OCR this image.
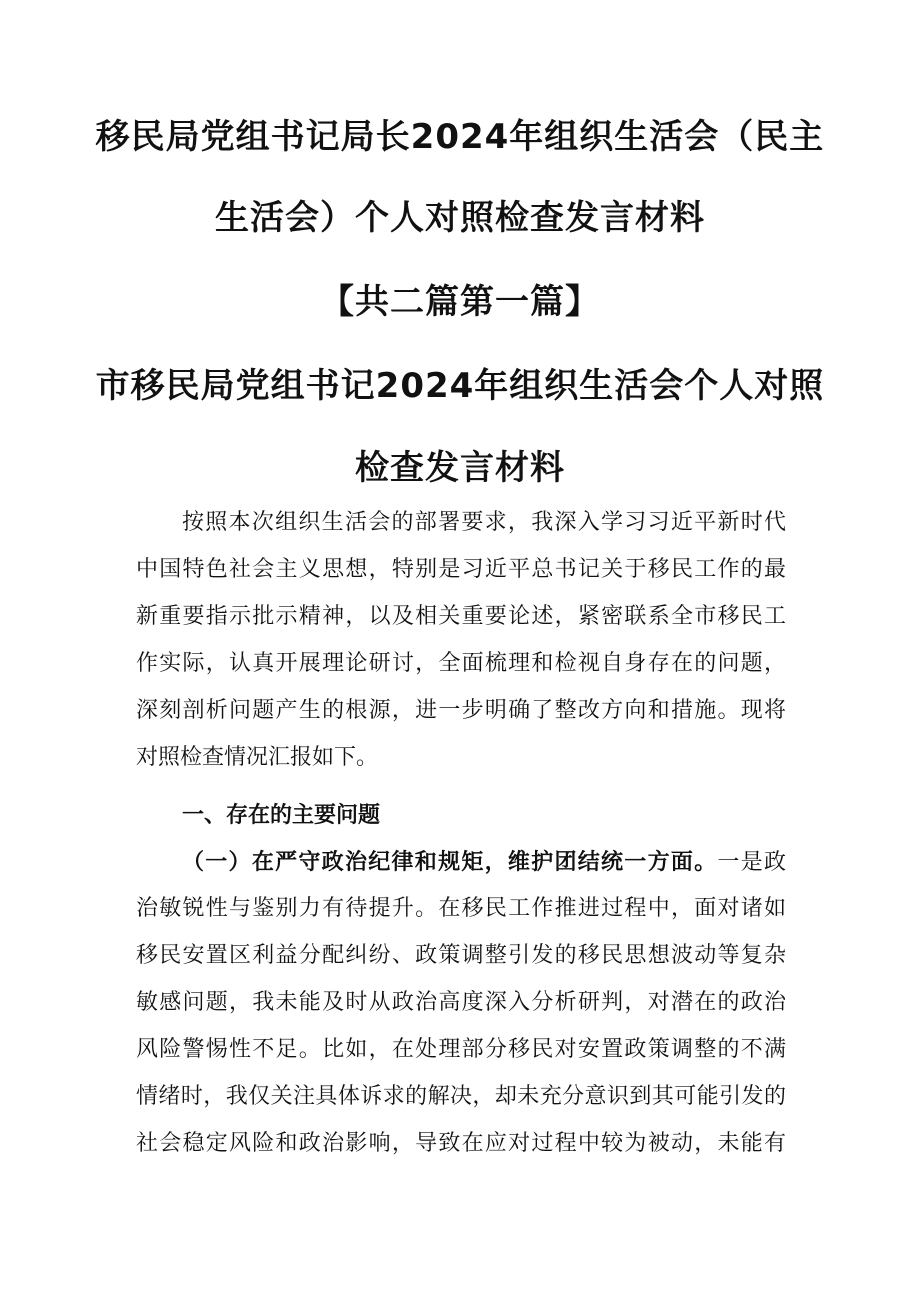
移民局党组书记局长2024年组织生活会（民主
生活会）个人对照检查发言材料
【共二篇第一篇】
市移民局党组书记2024年组织生活会个人对照
检查发言材料
按照本次组织生活会的部署要求，我深入学习习近平新时代
中国特色社会主义思想，特别是习近平总书记关于移民工作的最
新重要指示批示精神，以及相关重要论述，紧密联系全市移民工
作实际，认真开展理论研讨，全面梳理和检视自身存在的问题，
深刻剖析问题产生的根源，进一步明确了整改方向和措施。现将
对照检查情况汇报如下。
一、存在的主要问题
（一）在严守政治纪律和规矩，维护团结统一方面。一是政
治敏锐性与鉴别力有待提升。在移民工作推进过程中，面对诸如
移民安置区利益分配纠纷、政策调整引发的移民思想波动等复杂
敏感问题，我未能及时从政治高度深入分析研判，对潜在的政治
风险警惕性不足。比如，在处理部分移民对安置政策调整的不满
情绪时，我仅关注具体诉求的解决，却未充分意识到其可能引发的
社会稳定风险和政治影响，导致在应对过程中较为被动，未能有
